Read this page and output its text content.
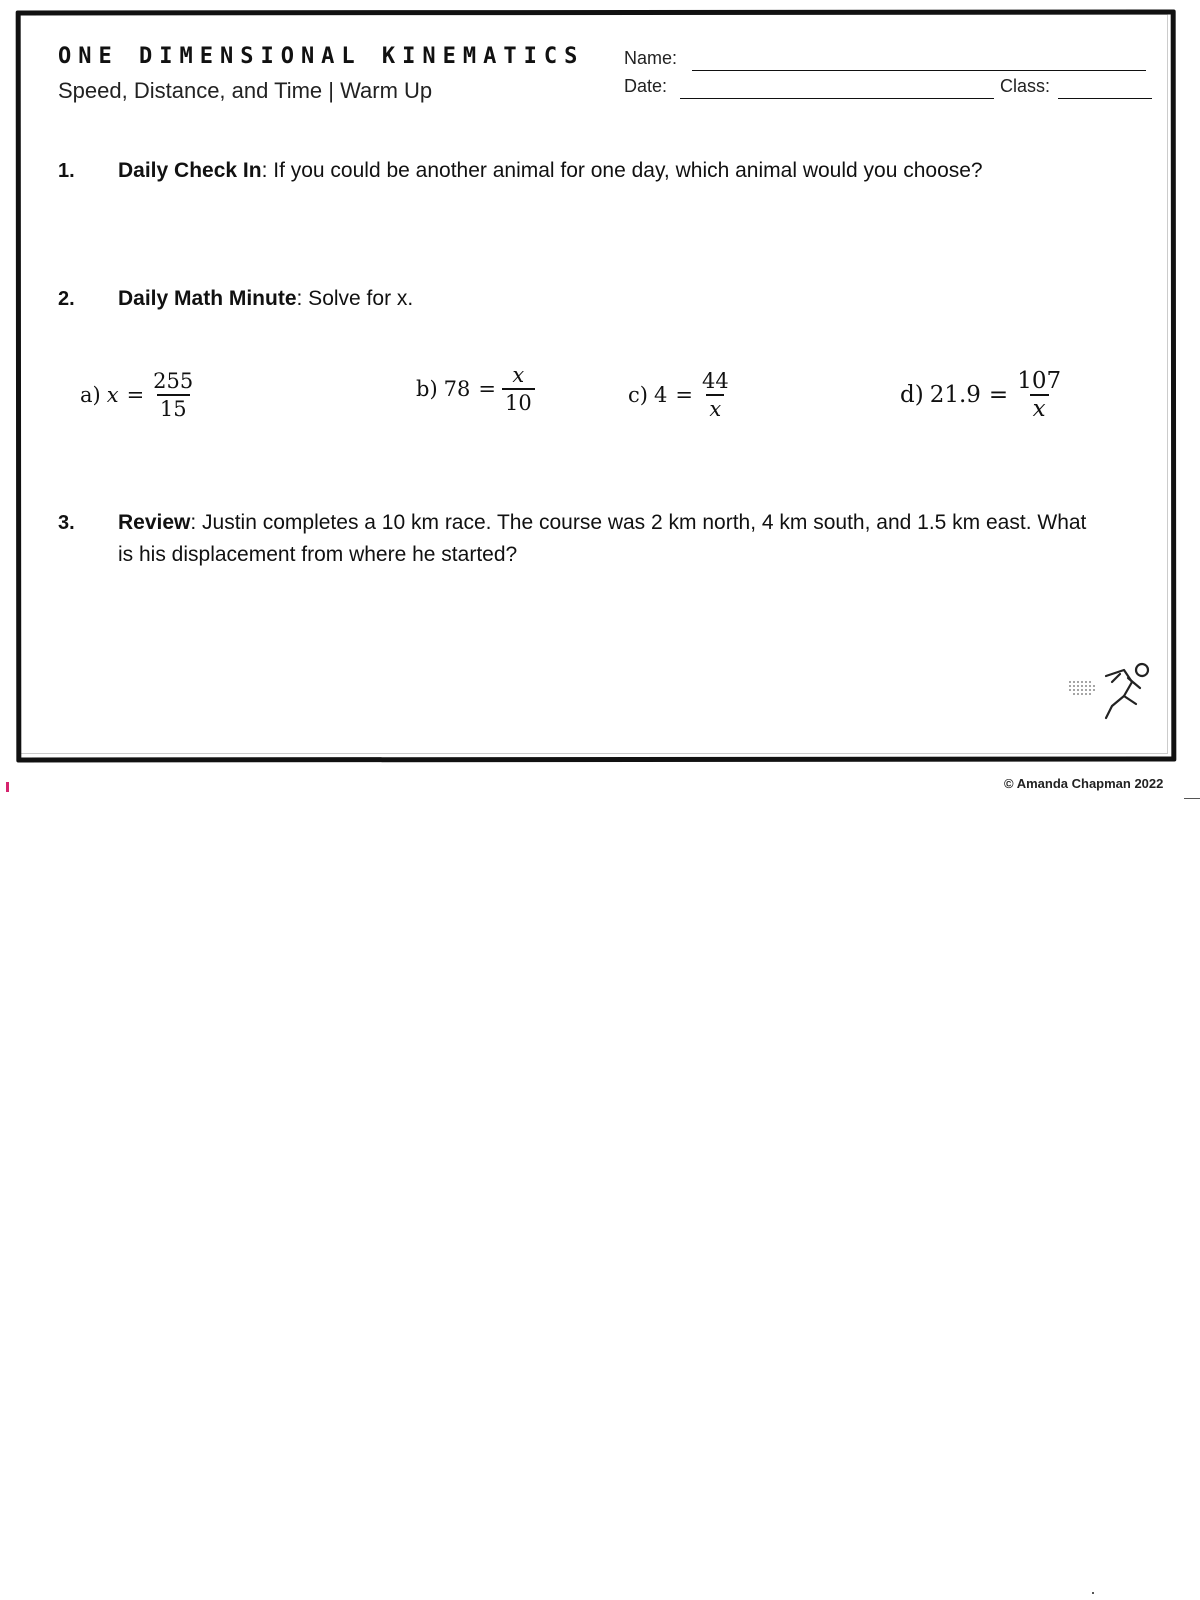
ONE DIMENSIONAL KINEMATICS
Speed, Distance, and Time | Warm Up
Name:
Date:	Class:
1. Daily Check In: If you could be another animal for one day, which animal would you choose?
2. Daily Math Minute: Solve for x.
a) $x = \frac{255}{15}$	b) $78 = \frac{x}{10}$	c) $4 = \frac{44}{x}$	d) $21.9 = \frac{107}{x}$
3. Review: Justin completes a 10 km race. The course was 2 km north, 4 km south, and 1.5 km east. What is his displacement from where he started?
© Amanda Chapman 2022
